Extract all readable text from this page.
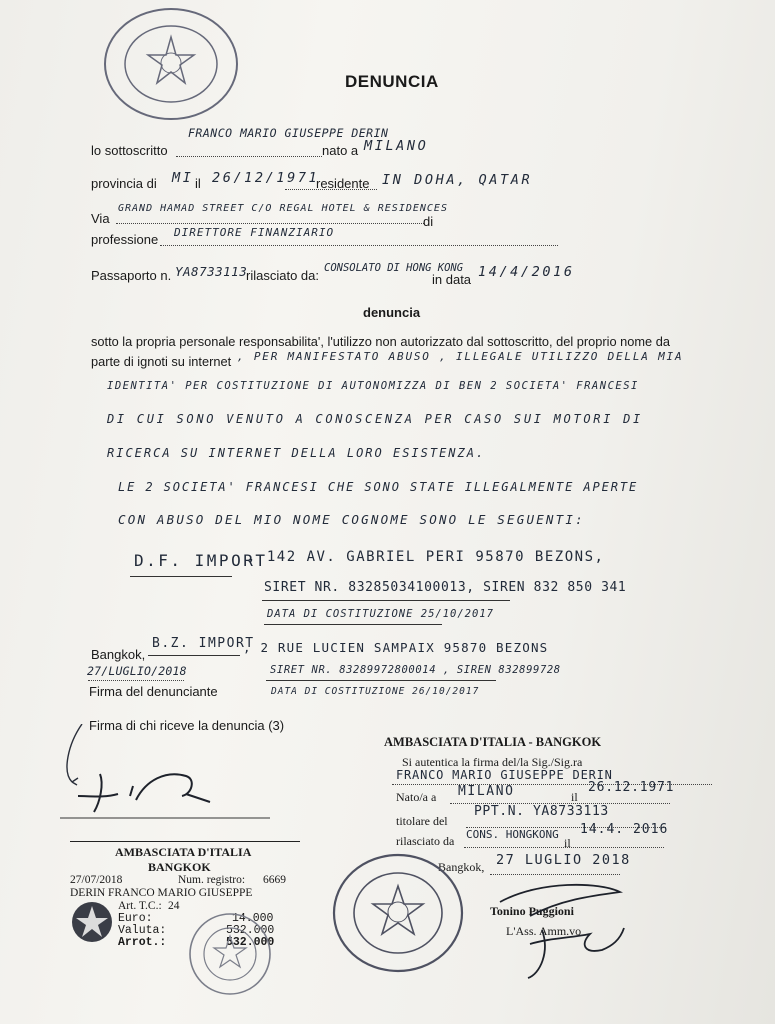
DENUNCIA
lo sottoscritto
FRANCO MARIO GIUSEPPE DERIN
nato a MILANO
provincia di MI il 26/12/1971
residente IN DOHA, QATAR
Via
GRAND HAMAD STREET C/O REGAL HOTEL & RESIDENCES
di
professione DIRETTORE FINANZIARIO
Passaporto n. YA8733113
rilasciato da: CONSOLATO DI HONG KONG
in data 14/4/2016
denuncia
sotto la propria personale responsabilita', l'utilizzo non autorizzato dal sottoscritto, del proprio nome da
parte di ignoti su internet , PER MANIFESTATO ABUSO , ILLEGALE UTILIZZO DELLA MIA
IDENTITA' PER COSTITUZIONE DI AUTONOMIZZA DI BEN 2 SOCIETA' FRANCESI
DI CUI SONO VENUTO A CONOSCENZA PER CASO SUI MOTORI DI
RICERCA SU INTERNET DELLA LORO ESISTENZA.
LE 2 SOCIETA' FRANCESI CHE SONO STATE ILLEGALMENTE APERTE
CON ABUSO DEL MIO NOME COGNOME SONO LE SEGUENTI:
D.F. IMPORT
, 142 AV. GABRIEL PERI 95870 BEZONS,
SIRET NR. 83285034100013, SIREN 832 850 341
DATA DI COSTITUZIONE 25/10/2017
Bangkok,
B.Z. IMPORT
, 2 RUE LUCIEN SAMPAIX 95870 BEZONS
27/LUGLIO/2018	SIRET NR. 83289972800014 , SIREN 832899728
DATA DI COSTITUZIONE 26/10/2017
Firma del denunciante
Firma di chi riceve la denuncia (3)
AMBASCIATA D'ITALIA - BANGKOK
Si autentica la firma del/la Sig./Sig.ra
FRANCO MARIO GIUSEPPE DERIN
Nato/a a MILANO	il
26.12.1971
titolare del
PPT.N. YA8733113
rilasciato da CONS. HONGKONG
il
14.4. 2016
Bangkok, 27 LUGLIO 2018
Tonino Puggioni
L'Ass. Amm.vo
AMBASCIATA D'ITALIA
BANGKOK
27/07/2018	Num. registro: 6669
DERIN FRANCO MARIO GIUSEPPE
Art. T.C.: 24
Euro:	14.000
Valuta:	532.000
Arrot.:	532.000
